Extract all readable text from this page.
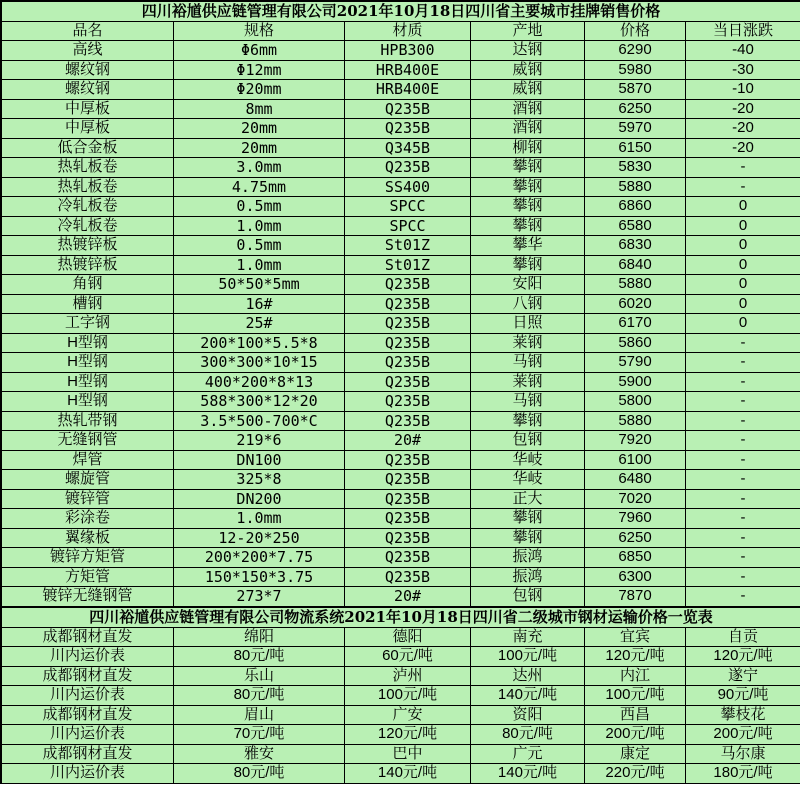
四川裕馗供应链管理有限公司2021年10月18日四川省主要城市挂牌销售价格					
品名	规格	材质	产地	价格	当日涨跌
高线	Φ6mm	HPB300	达钢	6290	-40
螺纹钢	Φ12mm	HRB400E	威钢	5980	-30
螺纹钢	Φ20mm	HRB400E	威钢	5870	-10
中厚板	8mm	Q235B	酒钢	6250	-20
中厚板	20mm	Q235B	酒钢	5970	-20
低合金板	20mm	Q345B	柳钢	6150	-20
热轧板卷	3.0mm	Q235B	攀钢	5830	-
热轧板卷	4.75mm	SS400	攀钢	5880	-
冷轧板卷	0.5mm	SPCC	攀钢	6860	0
冷轧板卷	1.0mm	SPCC	攀钢	6580	0
热镀锌板	0.5mm	St01Z	攀华	6830	0
热镀锌板	1.0mm	St01Z	攀钢	6840	0
角钢	50*50*5mm	Q235B	安阳	5880	0
槽钢	16#	Q235B	八钢	6020	0
工字钢	25#	Q235B	日照	6170	0
H型钢	200*100*5.5*8	Q235B	莱钢	5860	-
H型钢	300*300*10*15	Q235B	马钢	5790	-
H型钢	400*200*8*13	Q235B	莱钢	5900	-
H型钢	588*300*12*20	Q235B	马钢	5800	-
热轧带钢	3.5*500-700*C	Q235B	攀钢	5880	-
无缝钢管	219*6	20#	包钢	7920	-
焊管	DN100	Q235B	华岐	6100	-
螺旋管	325*8	Q235B	华岐	6480	-
镀锌管	DN200	Q235B	正大	7020	-
彩涂卷	1.0mm	Q235B	攀钢	7960	-
翼缘板	12-20*250	Q235B	攀钢	6250	-
镀锌方矩管	200*200*7.75	Q235B	振鸿	6850	-
方矩管	150*150*3.75	Q235B	振鸿	6300	-
镀锌无缝钢管	273*7	20#	包钢	7870	-
四川裕馗供应链管理有限公司物流系统2021年10月18日四川省二级城市钢材运输价格一览表					
成都钢材直发	绵阳	德阳	南充	宜宾	自贡
川内运价表	80元/吨	60元/吨	100元/吨	120元/吨	120元/吨
成都钢材直发	乐山	泸州	达州	内江	遂宁
川内运价表	80元/吨	100元/吨	140元/吨	100元/吨	90元/吨
成都钢材直发	眉山	广安	资阳	西昌	攀枝花
川内运价表	70元/吨	120元/吨	80元/吨	200元/吨	200元/吨
成都钢材直发	雅安	巴中	广元	康定	马尔康
川内运价表	80元/吨	140元/吨	140元/吨	220元/吨	180元/吨
